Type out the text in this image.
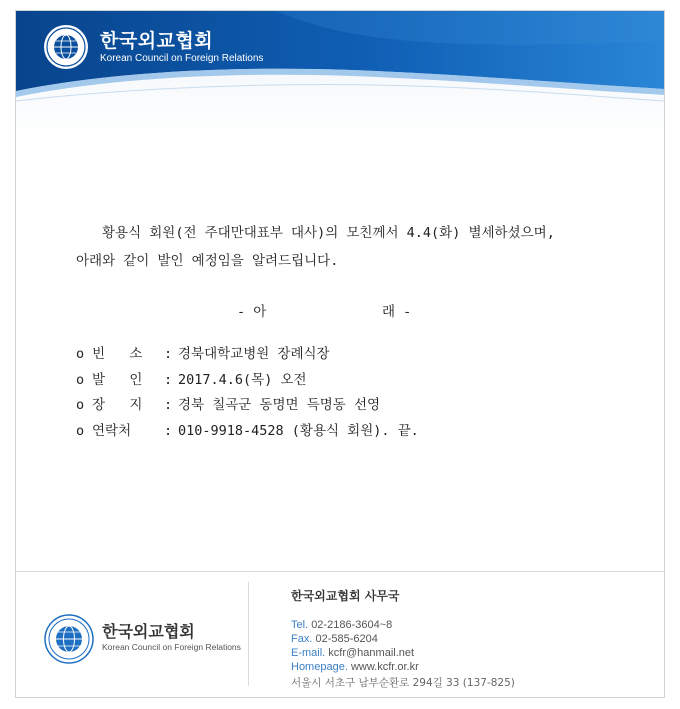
한국외교협회
Korean Council on Foreign Relations

황용식 회원(전 주대만대표부 대사)의 모친께서 4.4(화) 별세하셨으며,

아래와 같이 발인 예정임을 알려드립니다.

- 아	래 -
o 빈   소 : 경북대학교병원 장례식장
o 발   인 : 2017.4.6(목) 오전
o 장   지 : 경북 칠곡군 동명면 득명동 선영
o 연락처 : 010-9918-4528 (황용식 회원). 끝.
한국외교협회
Korean Council on Foreign Relations
한국외교협회 사무국
Tel. 02-2186-3604~8
Fax. 02-585-6204
E-mail. kcfr@hanmail.net
Homepage. www.kcfr.or.kr
서울시 서초구 남부순환로 294길 33 (137-825)
